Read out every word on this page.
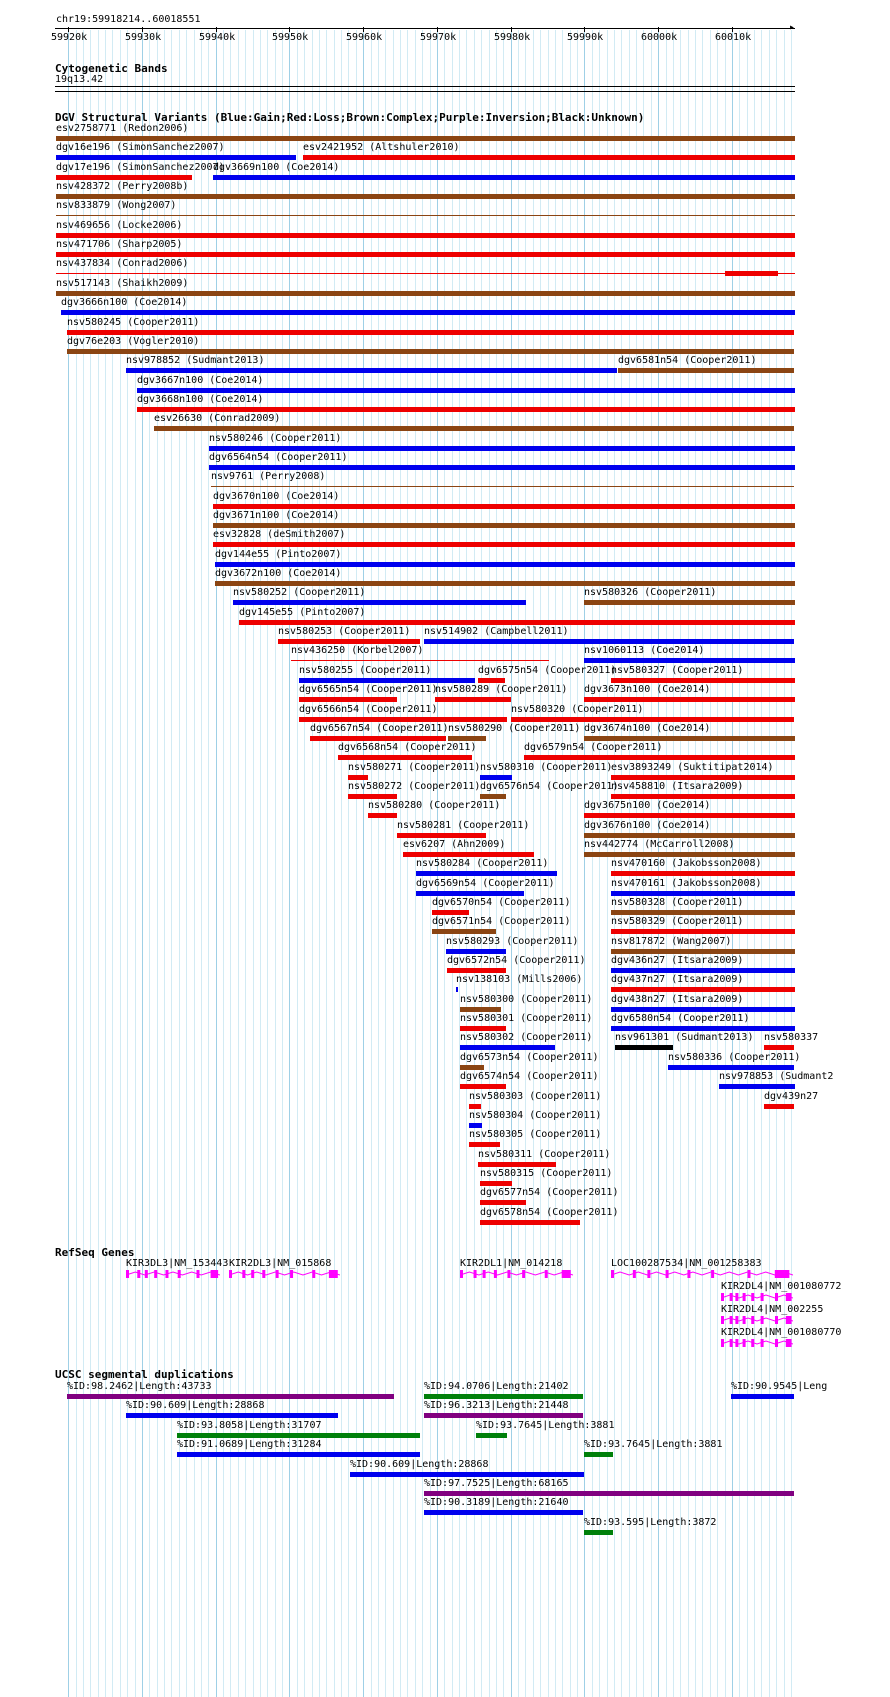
chr19:59918214..60018551
▸
59920k	59930k	59940k	59950k	59960k	59970k	59980k	59990k	60000k	60010k
Cytogenetic Bands
19q13.42
DGV Structural Variants (Blue:Gain;Red:Loss;Brown:Complex;Purple:Inversion;Black:Unknown)
esv2758771 (Redon2006)
dgv16e196 (SimonSanchez2007)	esv2421952 (Altshuler2010)
dgv17e196 (SimonSanchez2007)
dgv3669n100 (Coe2014)
nsv428372 (Perry2008b)
nsv833879 (Wong2007)
nsv469656 (Locke2006)
nsv471706 (Sharp2005)
nsv437834 (Conrad2006)
nsv517143 (Shaikh2009)
dgv3666n100 (Coe2014)
nsv580245 (Cooper2011)
dgv76e203 (Vogler2010)
nsv978852 (Sudmant2013)	dgv6581n54 (Cooper2011)
dgv3667n100 (Coe2014)
dgv3668n100 (Coe2014)
esv26630 (Conrad2009)
nsv580246 (Cooper2011)
dgv6564n54 (Cooper2011)
nsv9761 (Perry2008)
dgv3670n100 (Coe2014)
dgv3671n100 (Coe2014)
esv32828 (deSmith2007)
dgv144e55 (Pinto2007)
dgv3672n100 (Coe2014)
nsv580252 (Cooper2011)	nsv580326 (Cooper2011)
dgv145e55 (Pinto2007)
nsv580253 (Cooper2011) nsv514902 (Campbell2011)
nsv436250 (Korbel2007)	nsv1060113 (Coe2014)
nsv580255 (Cooper2011)	dgv6575n54 (Cooper2011)
nsv580327 (Cooper2011)
dgv6565n54 (Cooper2011)
nsv580289 (Cooper2011) dgv3673n100 (Coe2014)
dgv6566n54 (Cooper2011)	nsv580320 (Cooper2011)
dgv6567n54 (Cooper2011) nsv580290 (Cooper2011) dgv3674n100 (Coe2014)
dgv6568n54 (Cooper2011)	dgv6579n54 (Cooper2011)
nsv580271 (Cooper2011) nsv580310 (Cooper2011)
esv3893249 (Suktitipat2014)
nsv580272 (Cooper2011) dgv6576n54 (Cooper2011)
nsv458810 (Itsara2009)
nsv580280 (Cooper2011)	dgv3675n100 (Coe2014)
nsv580281 (Cooper2011)	dgv3676n100 (Coe2014)
esv6207 (Ahn2009)	nsv442774 (McCarroll2008)
nsv580284 (Cooper2011)	nsv470160 (Jakobsson2008)
dgv6569n54 (Cooper2011)	nsv470161 (Jakobsson2008)
dgv6570n54 (Cooper2011)	nsv580328 (Cooper2011)
dgv6571n54 (Cooper2011)	nsv580329 (Cooper2011)
nsv580293 (Cooper2011)	nsv817872 (Wang2007)
dgv6572n54 (Cooper2011)	dgv436n27 (Itsara2009)
nsv138103 (Mills2006)	dgv437n27 (Itsara2009)
nsv580300 (Cooper2011) dgv438n27 (Itsara2009)
nsv580301 (Cooper2011) dgv6580n54 (Cooper2011)
nsv580302 (Cooper2011) nsv961301 (Sudmant2013) nsv580337
dgv6573n54 (Cooper2011)	nsv580336 (Cooper2011)
dgv6574n54 (Cooper2011)	nsv978853 (Sudmant2
nsv580303 (Cooper2011)	dgv439n27
nsv580304 (Cooper2011)
nsv580305 (Cooper2011)
nsv580311 (Cooper2011)
nsv580315 (Cooper2011)
dgv6577n54 (Cooper2011)
dgv6578n54 (Cooper2011)
RefSeq Genes
KIR3DL3|NM_153443 KIR2DL3|NM_015868	KIR2DL1|NM_014218	LOC100287534|NM_001258383
KIR2DL4|NM_001080772
KIR2DL4|NM_002255
KIR2DL4|NM_001080770
UCSC segmental duplications
%ID:98.2462|Length:43733	%ID:94.0706|Length:21402	%ID:90.9545|Leng
%ID:90.609|Length:28868	%ID:96.3213|Length:21448
%ID:93.8058|Length:31707	%ID:93.7645|Length:3881
%ID:91.0689|Length:31284	%ID:93.7645|Length:3881
%ID:90.609|Length:28868
%ID:97.7525|Length:68165
%ID:90.3189|Length:21640
%ID:93.595|Length:3872
